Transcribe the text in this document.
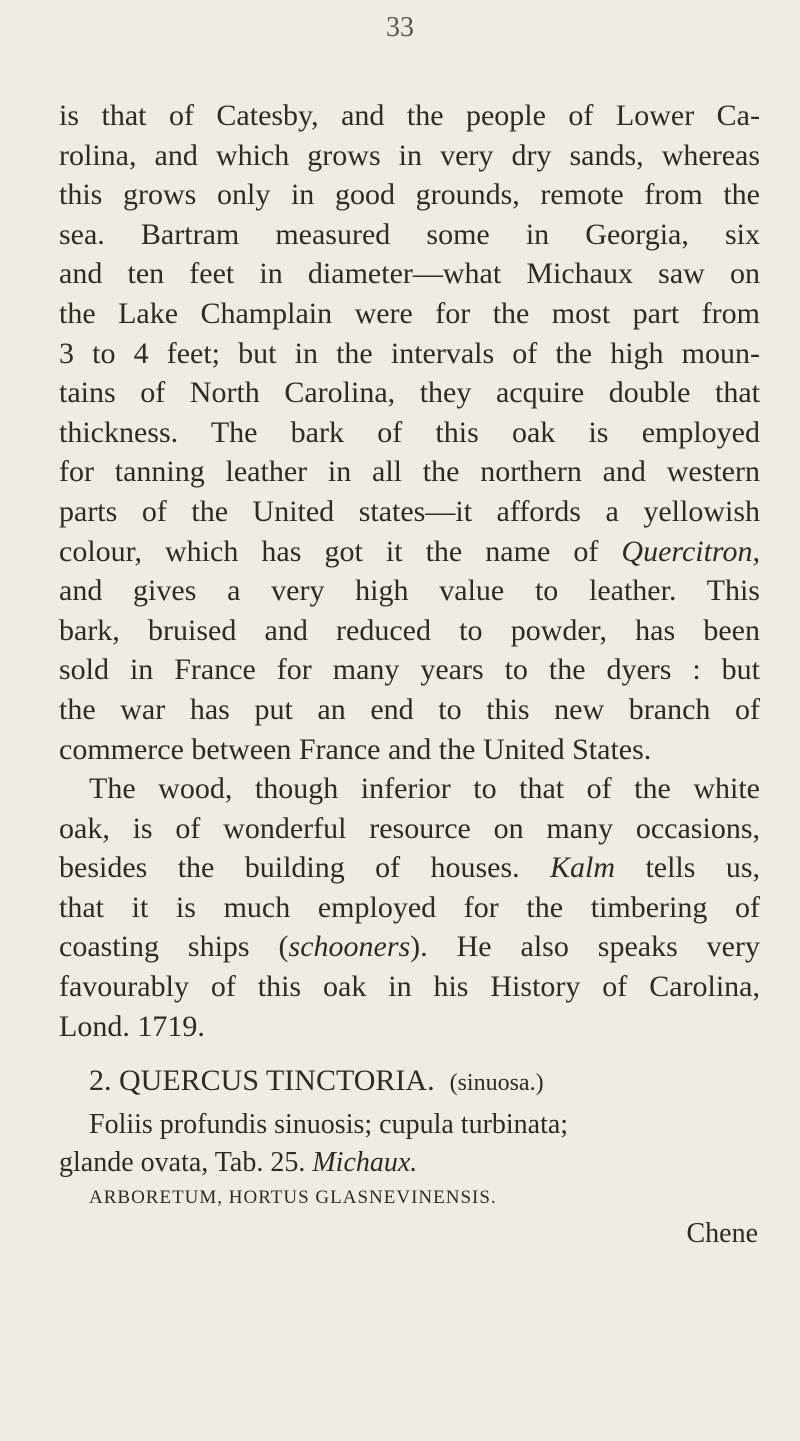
33
is that of Catesby, and the people of Lower Ca-
rolina, and which grows in very dry sands, whereas
this grows only in good grounds, remote from the
sea. Bartram measured some in Georgia, six
and ten feet in diameter—what Michaux saw on
the Lake Champlain were for the most part from
3 to 4 feet; but in the intervals of the high moun-
tains of North Carolina, they acquire double that
thickness. The bark of this oak is employed
for tanning leather in all the northern and western
parts of the United states—it affords a yellowish
colour, which has got it the name of Quercitron,
and gives a very high value to leather. This
bark, bruised and reduced to powder, has been
sold in France for many years to the dyers : but
the war has put an end to this new branch of
commerce between France and the United States.
The wood, though inferior to that of the white
oak, is of wonderful resource on many occasions,
besides the building of houses. Kalm tells us,
that it is much employed for the timbering of
coasting ships (schooners). He also speaks very
favourably of this oak in his History of Carolina,
Lond. 1719.
2. QUERCUS TINCTORIA. (sinuosa.)
Foliis profundis sinuosis; cupula turbinata;
glande ovata, Tab. 25. Michaux.
ARBORETUM, HORTUS GLASNEVINENSIS.
Chene
